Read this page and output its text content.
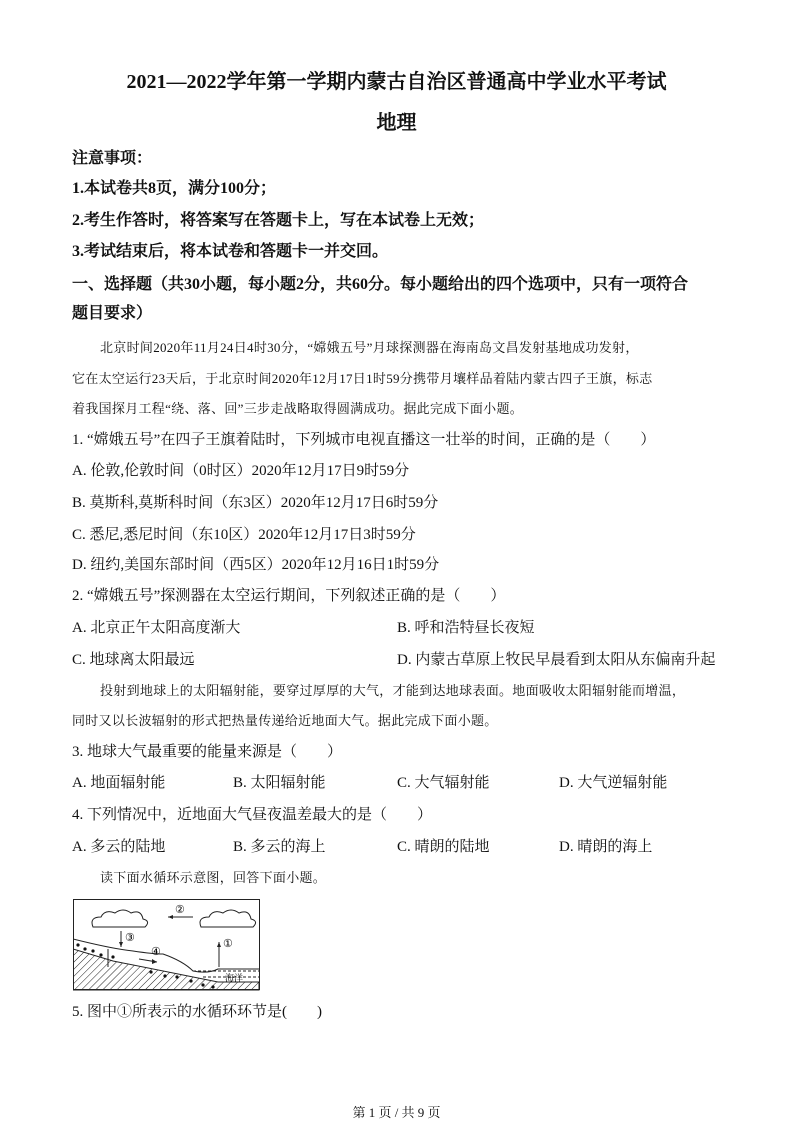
2021—2022学年第一学期内蒙古自治区普通高中学业水平考试
地理
注意事项：
1.本试卷共8页，满分100分；
2.考生作答时，将答案写在答题卡上，写在本试卷上无效；
3.考试结束后，将本试卷和答题卡一并交回。
一、选择题（共30小题，每小题2分，共60分。每小题给出的四个选项中，只有一项符合
题目要求）
北京时间2020年11月24日4时30分，“嫦娥五号”月球探测器在海南岛文昌发射基地成功发射，
它在太空运行23天后，于北京时间2020年12月17日1时59分携带月壤样品着陆内蒙古四子王旗，标志
着我国探月工程“绕、落、回”三步走战略取得圆满成功。据此完成下面小题。
1. “嫦娥五号”在四子王旗着陆时，下列城市电视直播这一壮举的时间，正确的是（　　）
A. 伦敦,伦敦时间（0时区）2020年12月17日9时59分
B. 莫斯科,莫斯科时间（东3区）2020年12月17日6时59分
C. 悉尼,悉尼时间（东10区）2020年12月17日3时59分
D. 纽约,美国东部时间（西5区）2020年12月16日1时59分
2. “嫦娥五号”探测器在太空运行期间，下列叙述正确的是（　　）
A. 北京正午太阳高度渐大	B. 呼和浩特昼长夜短
C. 地球离太阳最远	D. 内蒙古草原上牧民早晨看到太阳从东偏南升起
投射到地球上的太阳辐射能，要穿过厚厚的大气，才能到达地球表面。地面吸收太阳辐射能而增温，
同时又以长波辐射的形式把热量传递给近地面大气。据此完成下面小题。
3. 地球大气最重要的能量来源是（　　）
A. 地面辐射能	B. 太阳辐射能	C. 大气辐射能	D. 大气逆辐射能
4. 下列情况中，近地面大气昼夜温差最大的是（　　）
A. 多云的陆地	B. 多云的海上	C. 晴朗的陆地	D. 晴朗的海上
读下面水循环示意图，回答下面小题。
②
①
③
④
海洋
5. 图中①所表示的水循环环节是(　　)
第 1 页 / 共 9 页
